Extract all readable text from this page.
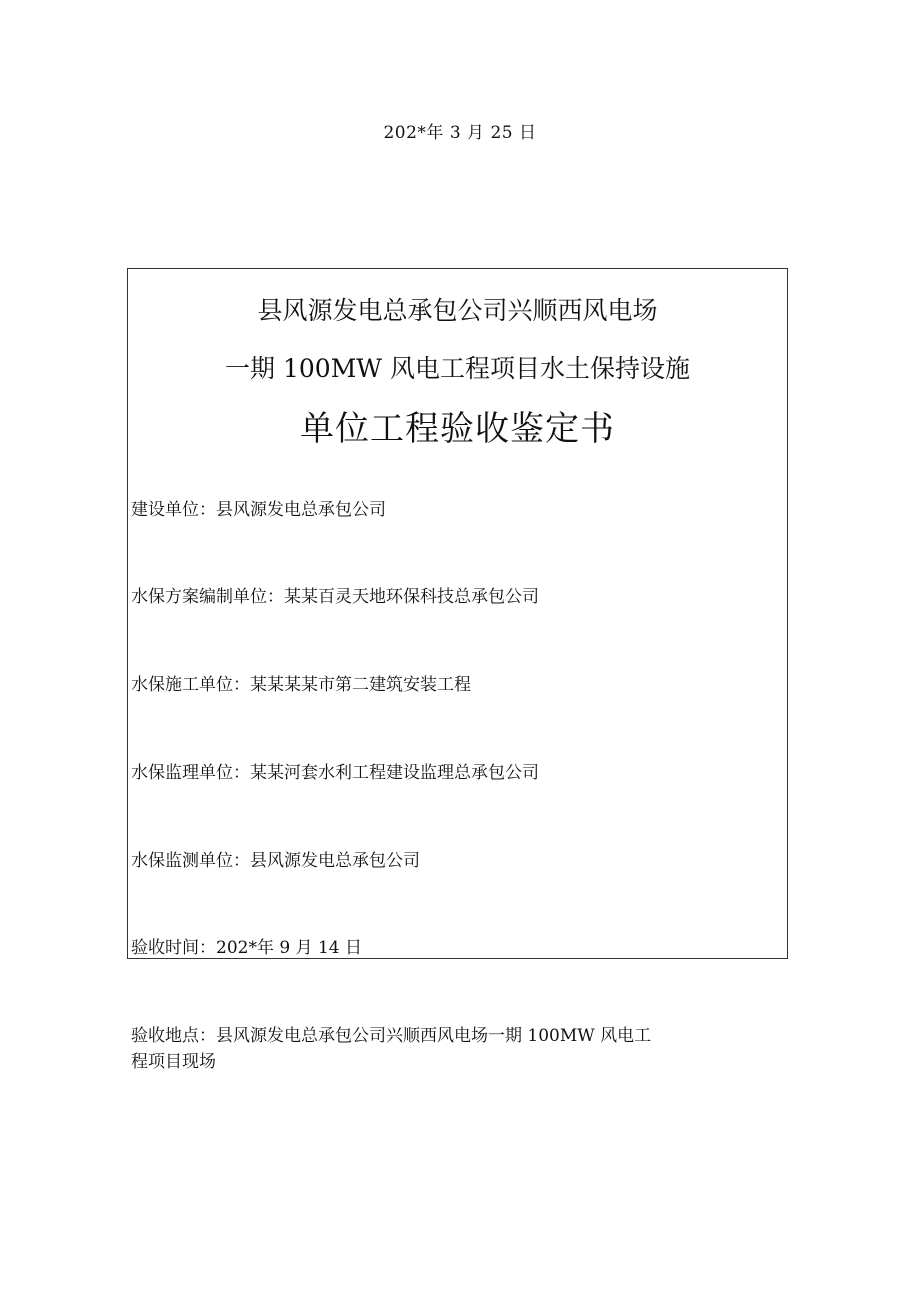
202*年 3 月 25 日
县风源发电总承包公司兴顺西风电场
一期 100MW 风电工程项目水土保持设施
单位工程验收鉴定书
建设单位：县风源发电总承包公司
水保方案编制单位：某某百灵天地环保科技总承包公司
水保施工单位：某某某某市第二建筑安装工程
水保监理单位：某某河套水利工程建设监理总承包公司
水保监测单位：县风源发电总承包公司
验收时间：202*年 9 月 14 日
验收地点：县风源发电总承包公司兴顺西风电场一期 100MW 风电工
程项目现场
